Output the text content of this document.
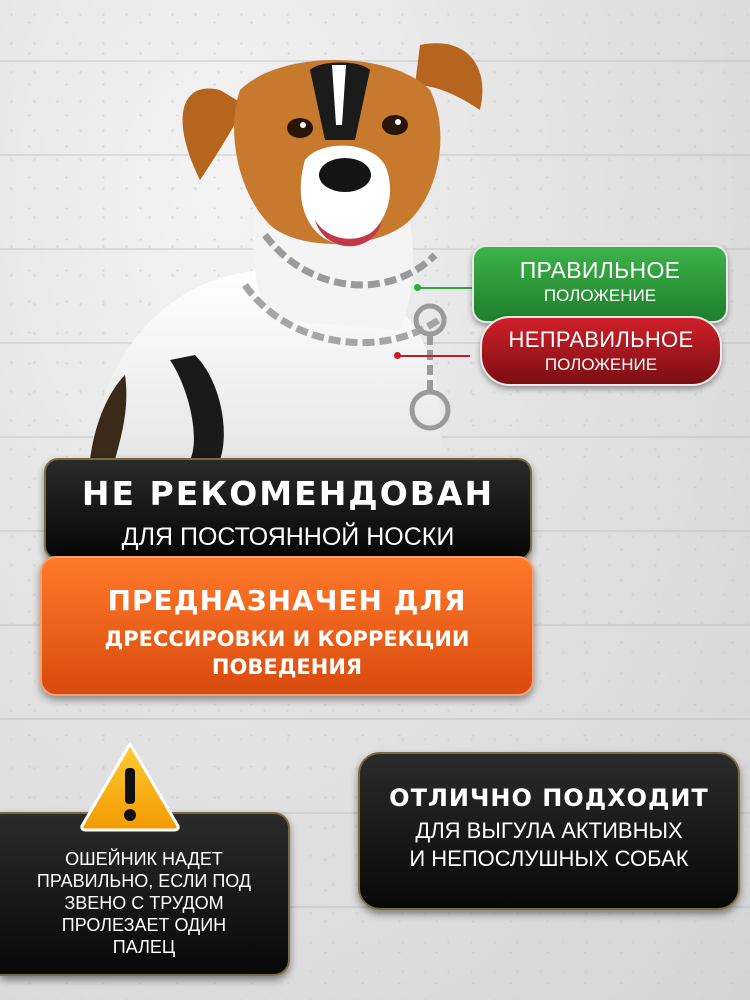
ПРАВИЛЬНОЕ
ПОЛОЖЕНИЕ
НЕПРАВИЛЬНОЕ
ПОЛОЖЕНИЕ
НЕ РЕКОМЕНДОВАН
ДЛЯ ПОСТОЯННОЙ НОСКИ
ПРЕДНАЗНАЧЕН ДЛЯ
ДРЕССИРОВКИ И КОРРЕКЦИИ
ПОВЕДЕНИЯ
ОШЕЙНИК НАДЕТ
ПРАВИЛЬНО, ЕСЛИ ПОД
ЗВЕНО С ТРУДОМ
ПРОЛЕЗАЕТ ОДИН
ПАЛЕЦ
ОТЛИЧНО ПОДХОДИТ
ДЛЯ ВЫГУЛА АКТИВНЫХ
И НЕПОСЛУШНЫХ СОБАК
